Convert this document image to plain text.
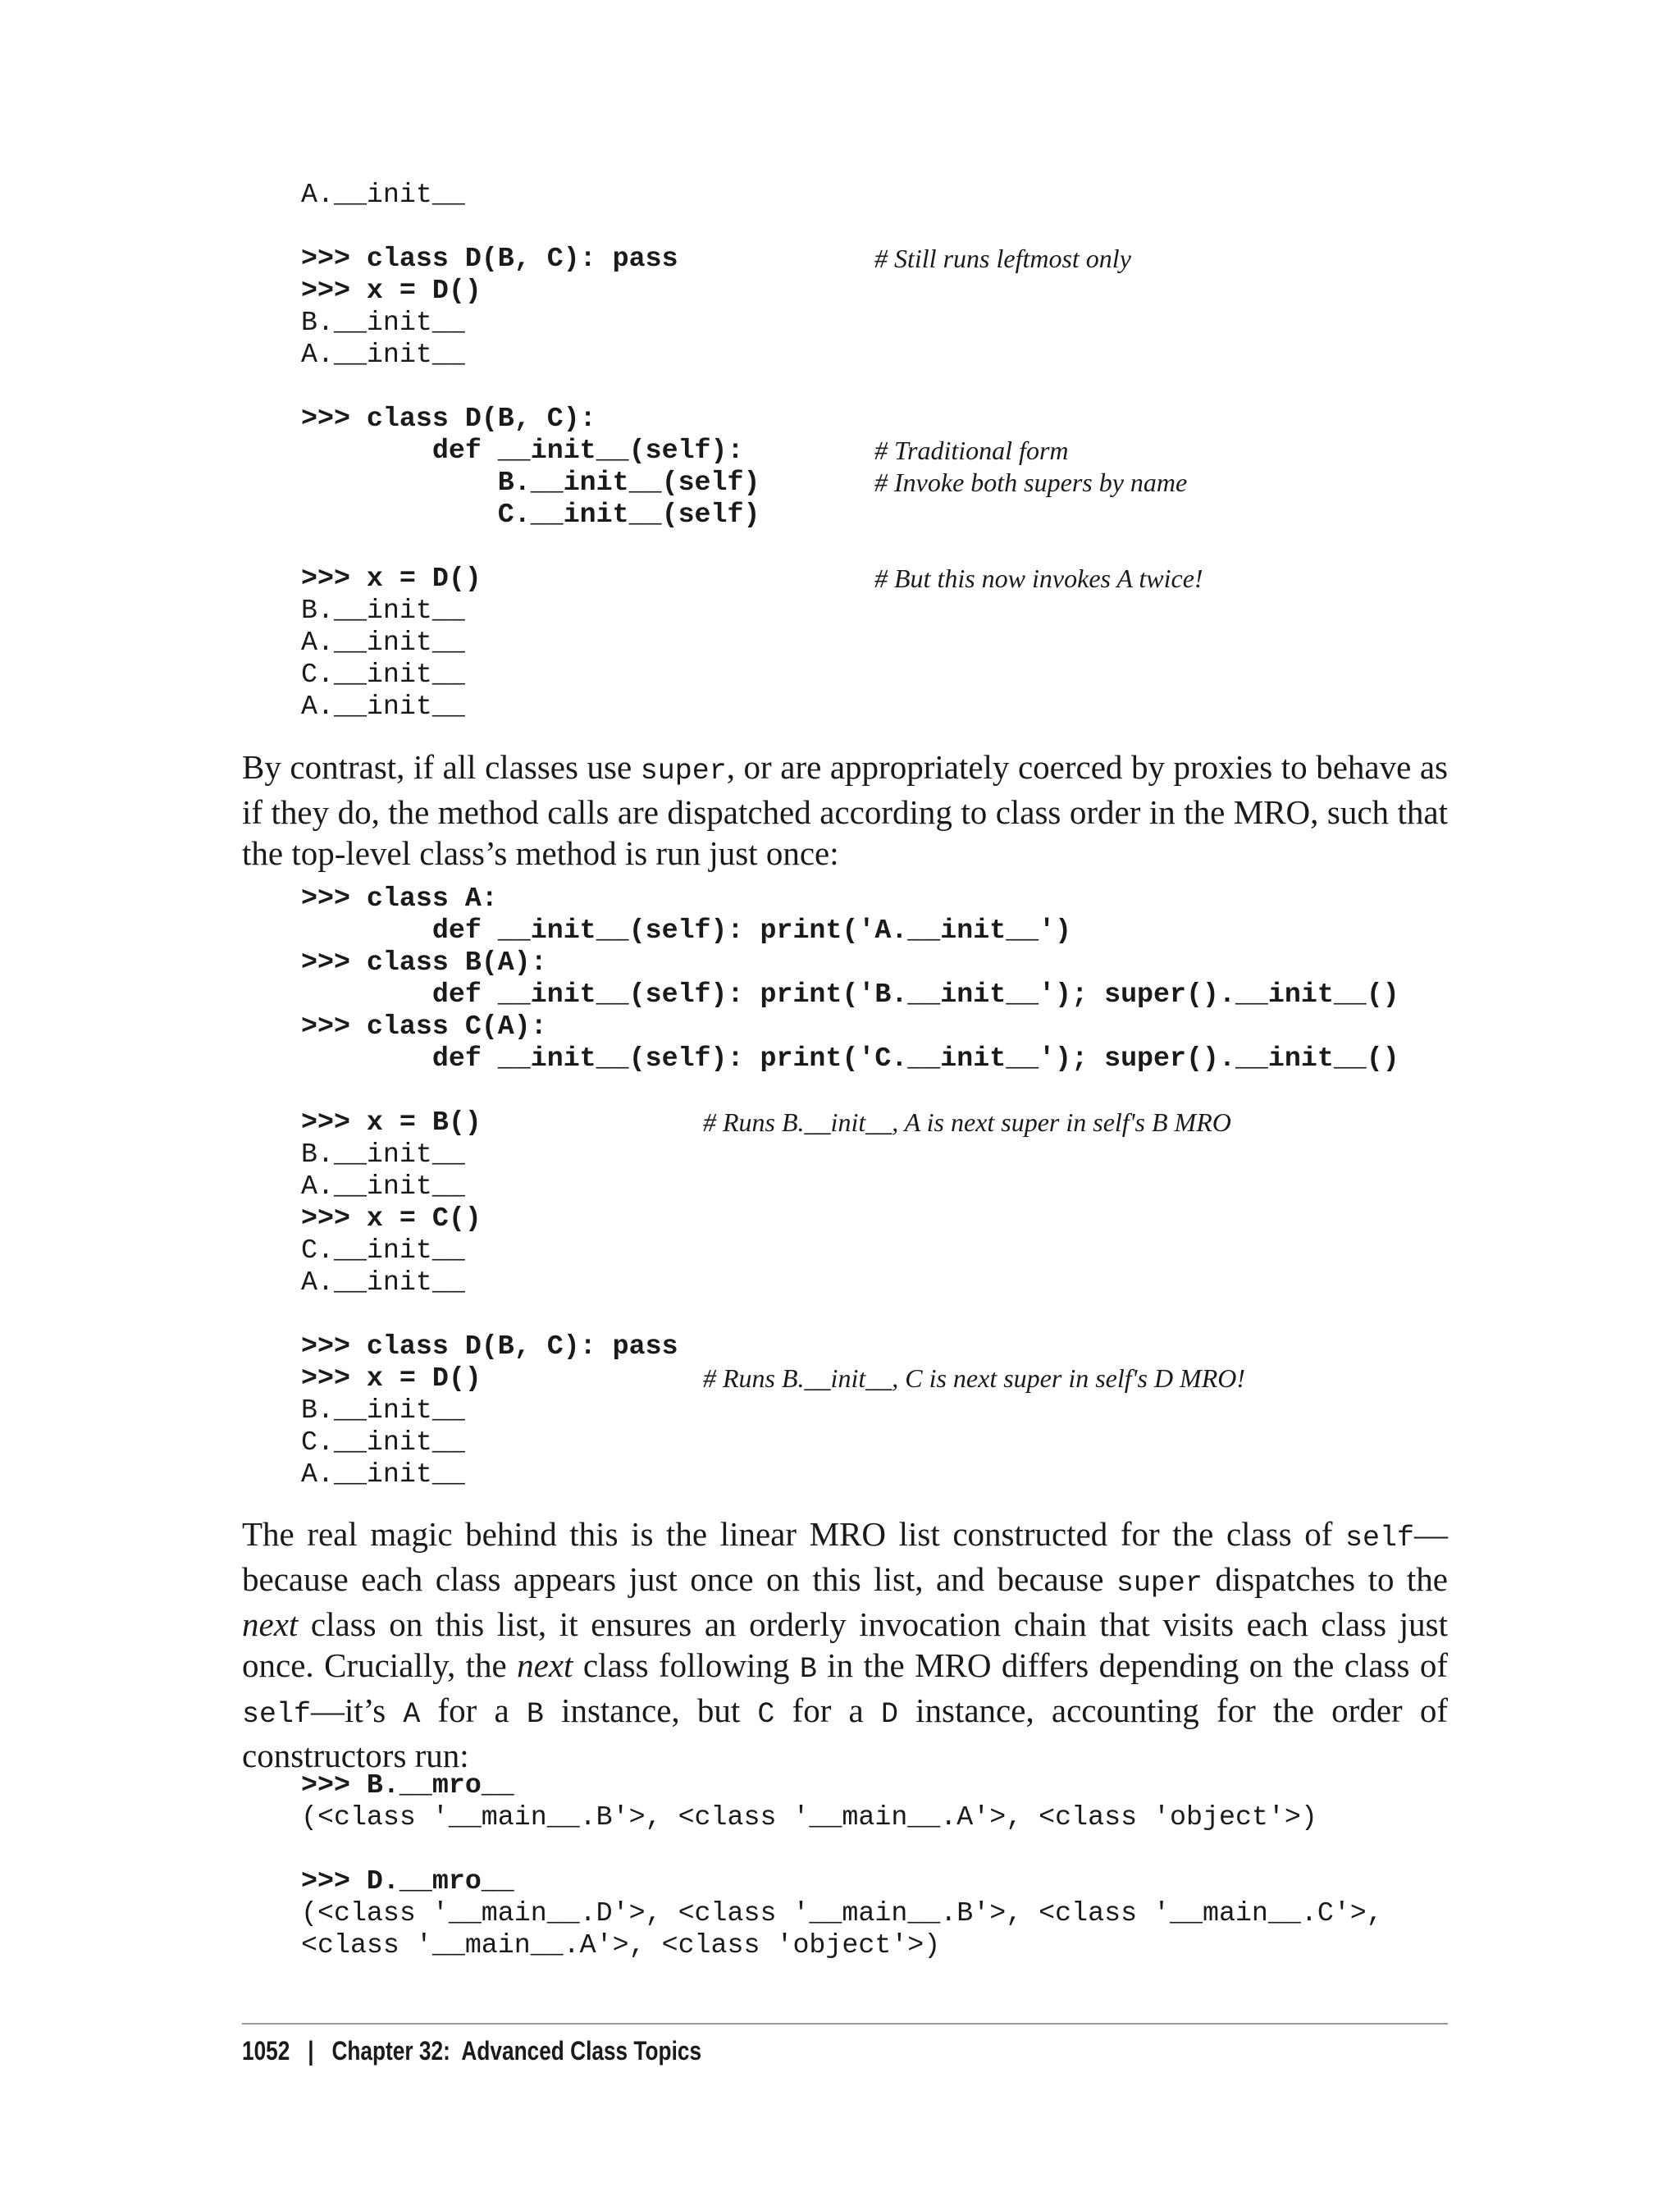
A.__init__
>>> class D(B, C): pass	# Still runs leftmost only
>>> x = D()
B.__init__
A.__init__
>>> class D(B, C):
def __init__(self):	# Traditional form
B.__init__(self)	# Invoke both supers by name
C.__init__(self)
>>> x = D()	# But this now invokes A twice!
B.__init__
A.__init__
C.__init__
A.__init__
By contrast, if all classes use super, or are appropriately coerced by proxies to behave as if they do, the method calls are dispatched according to class order in the MRO, such that the top-level class’s method is run just once:
>>> class A:
def __init__(self): print('A.__init__')
>>> class B(A):
def __init__(self): print('B.__init__'); super().__init__()
>>> class C(A):
def __init__(self): print('C.__init__'); super().__init__()
>>> x = B()	# Runs B.__init__, A is next super in self's B MRO
B.__init__
A.__init__
>>> x = C()
C.__init__
A.__init__
>>> class D(B, C): pass
>>> x = D()	# Runs B.__init__, C is next super in self's D MRO!
B.__init__
C.__init__
A.__init__
The real magic behind this is the linear MRO list constructed for the class of self—because each class appears just once on this list, and because super dispatches to the next class on this list, it ensures an orderly invocation chain that visits each class just once. Crucially, the next class following B in the MRO differs depending on the class of self—it’s A for a B instance, but C for a D instance, accounting for the order of constructors run:
>>> B.__mro__
(<class '__main__.B'>, <class '__main__.A'>, <class 'object'>)
>>> D.__mro__
(<class '__main__.D'>, <class '__main__.B'>, <class '__main__.C'>,
<class '__main__.A'>, <class 'object'>)
1052 | Chapter 32:  Advanced Class Topics
